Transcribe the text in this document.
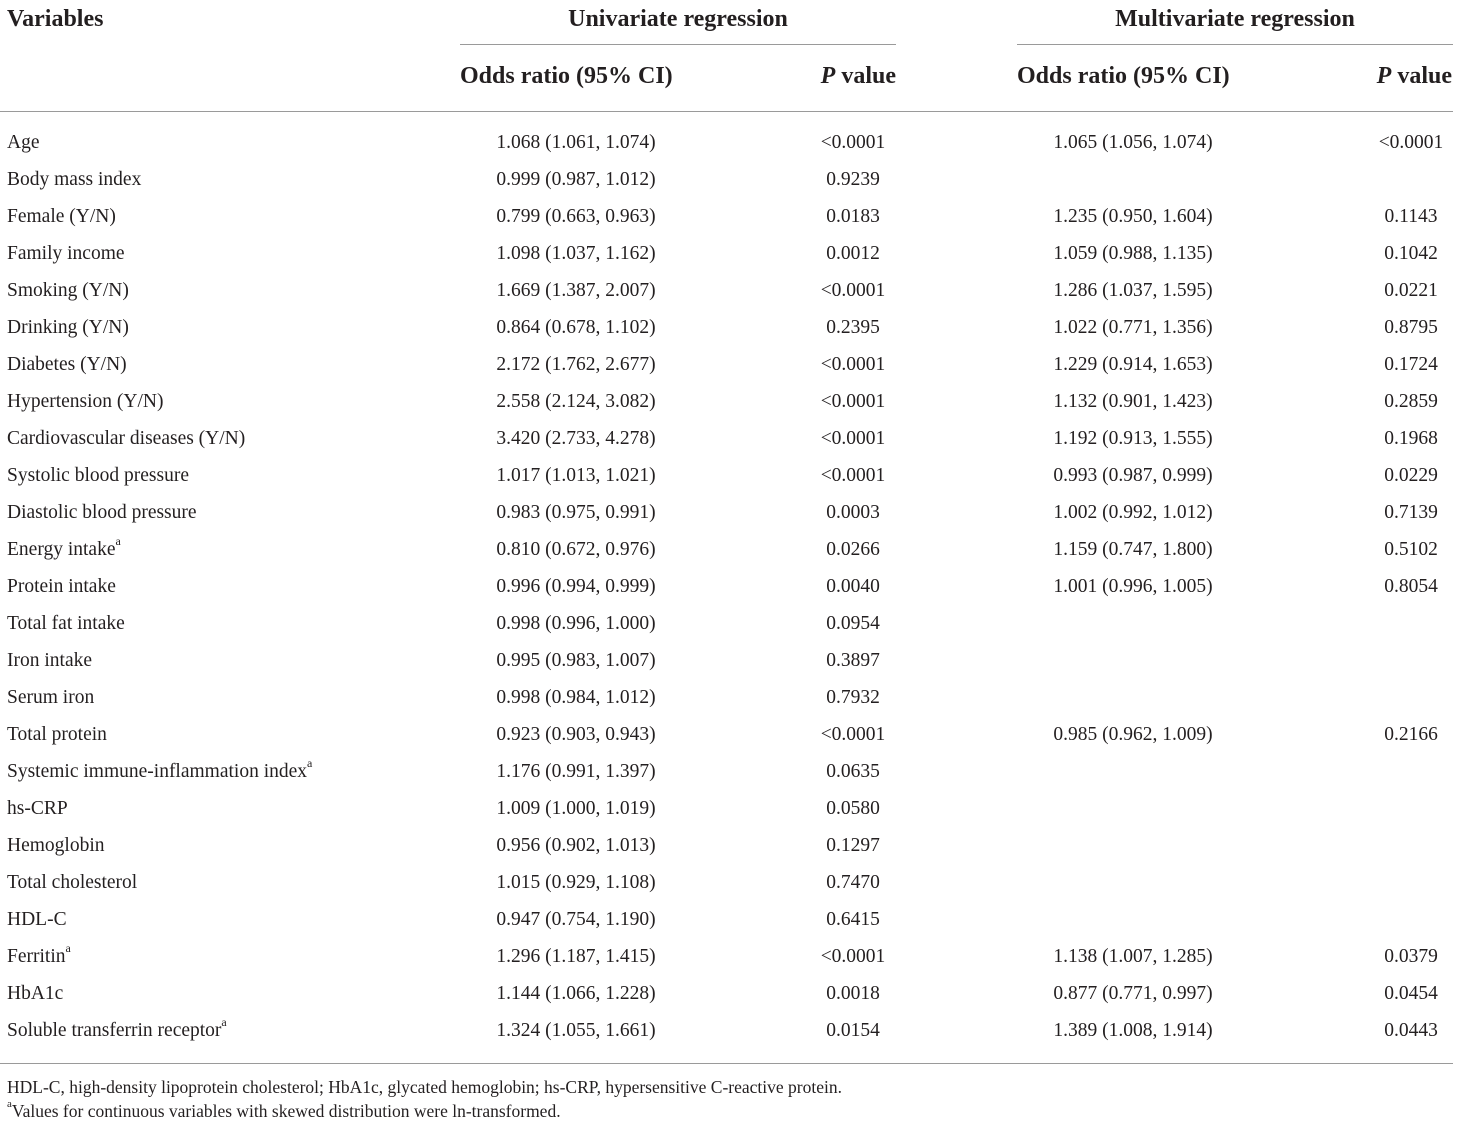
Variables	Univariate regression	Multivariate regression
Odds ratio (95% CI)	P value	Odds ratio (95% CI)	P value
Age	1.068 (1.061, 1.074)	<0.0001	1.065 (1.056, 1.074)	<0.0001
Body mass index	0.999 (0.987, 1.012)	0.9239
Female (Y/N)	0.799 (0.663, 0.963)	0.0183	1.235 (0.950, 1.604)	0.1143
Family income	1.098 (1.037, 1.162)	0.0012	1.059 (0.988, 1.135)	0.1042
Smoking (Y/N)	1.669 (1.387, 2.007)	<0.0001	1.286 (1.037, 1.595)	0.0221
Drinking (Y/N)	0.864 (0.678, 1.102)	0.2395	1.022 (0.771, 1.356)	0.8795
Diabetes (Y/N)	2.172 (1.762, 2.677)	<0.0001	1.229 (0.914, 1.653)	0.1724
Hypertension (Y/N)	2.558 (2.124, 3.082)	<0.0001	1.132 (0.901, 1.423)	0.2859
Cardiovascular diseases (Y/N)	3.420 (2.733, 4.278)	<0.0001	1.192 (0.913, 1.555)	0.1968
Systolic blood pressure	1.017 (1.013, 1.021)	<0.0001	0.993 (0.987, 0.999)	0.0229
Diastolic blood pressure	0.983 (0.975, 0.991)	0.0003	1.002 (0.992, 1.012)	0.7139
Energy intake$^a$	0.810 (0.672, 0.976)	0.0266	1.159 (0.747, 1.800)	0.5102
Protein intake	0.996 (0.994, 0.999)	0.0040	1.001 (0.996, 1.005)	0.8054
Total fat intake	0.998 (0.996, 1.000)	0.0954
Iron intake	0.995 (0.983, 1.007)	0.3897
Serum iron	0.998 (0.984, 1.012)	0.7932
Total protein	0.923 (0.903, 0.943)	<0.0001	0.985 (0.962, 1.009)	0.2166
Systemic immune-inflammation index$^a$	1.176 (0.991, 1.397)	0.0635
hs-CRP	1.009 (1.000, 1.019)	0.0580
Hemoglobin	0.956 (0.902, 1.013)	0.1297
Total cholesterol	1.015 (0.929, 1.108)	0.7470
HDL-C	0.947 (0.754, 1.190)	0.6415
Ferritin$^a$	1.296 (1.187, 1.415)	<0.0001	1.138 (1.007, 1.285)	0.0379
HbA1c	1.144 (1.066, 1.228)	0.0018	0.877 (0.771, 0.997)	0.0454
Soluble transferrin receptor$^a$	1.324 (1.055, 1.661)	0.0154	1.389 (1.008, 1.914)	0.0443
HDL-C, high-density lipoprotein cholesterol; HbA1c, glycated hemoglobin; hs-CRP, hypersensitive C-reactive protein.
$^a$Values for continuous variables with skewed distribution were ln-transformed.
